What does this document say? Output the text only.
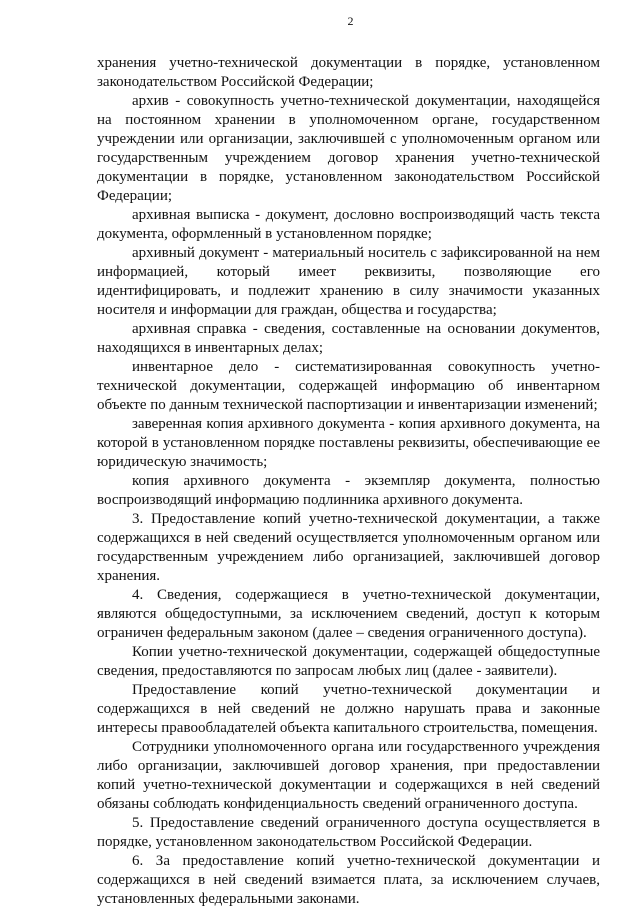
2

хранения учетно-технической документации в порядке, установленном законодательством Российской Федерации;

архив - совокупность учетно-технической документации, находящейся на постоянном хранении в уполномоченном органе, государственном учреждении или организации, заключившей с уполномоченным органом или государственным учреждением договор хранения учетно-технической документации в порядке, установленном законодательством Российской Федерации;

архивная выписка - документ, дословно воспроизводящий часть текста документа, оформленный в установленном порядке;

архивный документ - материальный носитель с зафиксированной на нем информацией, который имеет реквизиты, позволяющие его идентифицировать, и подлежит хранению в силу значимости указанных носителя и информации для граждан, общества и государства;

архивная справка - сведения, составленные на основании документов, находящихся в инвентарных делах;

инвентарное дело - систематизированная совокупность учетно-технической документации, содержащей информацию об инвентарном объекте по данным технической паспортизации и инвентаризации изменений;

заверенная копия архивного документа - копия архивного документа, на которой в установленном порядке поставлены реквизиты, обеспечивающие ее юридическую значимость;

копия архивного документа - экземпляр документа, полностью воспроизводящий информацию подлинника архивного документа.

3. Предоставление копий учетно-технической документации, а также содержащихся в ней сведений осуществляется уполномоченным органом или государственным учреждением либо организацией, заключившей договор хранения.

4. Сведения, содержащиеся в учетно-технической документации, являются общедоступными, за исключением сведений, доступ к которым ограничен федеральным законом (далее – сведения ограниченного доступа).

Копии учетно-технической документации, содержащей общедоступные сведения, предоставляются по запросам любых лиц (далее - заявители).

Предоставление копий учетно-технической документации и содержащихся в ней сведений не должно нарушать права и законные интересы правообладателей объекта капитального строительства, помещения.

Сотрудники уполномоченного органа или государственного учреждения либо организации, заключившей договор хранения, при предоставлении копий учетно-технической документации и содержащихся в ней сведений обязаны соблюдать конфиденциальность сведений ограниченного доступа.

5. Предоставление сведений ограниченного доступа осуществляется в порядке, установленном законодательством Российской Федерации.

6. За предоставление копий учетно-технической документации и содержащихся в ней сведений взимается плата, за исключением случаев, установленных федеральными законами.
